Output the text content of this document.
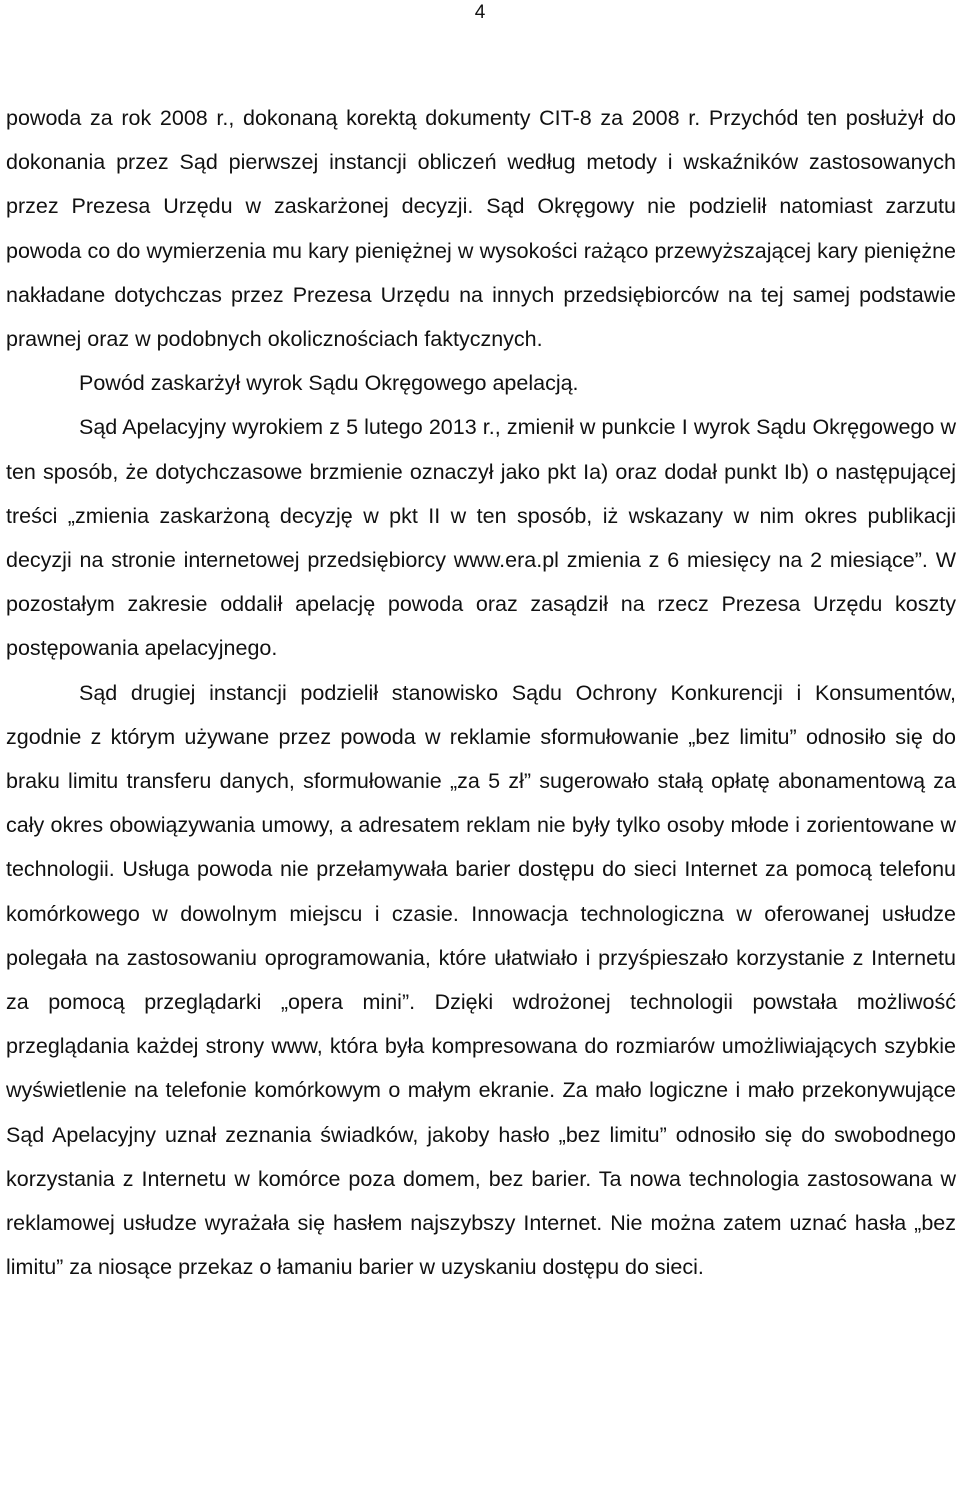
4

powoda za rok 2008 r., dokonaną korektą dokumenty CIT-8 za 2008 r. Przychód ten posłużył do dokonania przez Sąd pierwszej instancji obliczeń według metody i wskaźników zastosowanych przez Prezesa Urzędu w zaskarżonej decyzji. Sąd Okręgowy nie podzielił natomiast zarzutu powoda co do wymierzenia mu kary pieniężnej w wysokości rażąco przewyższającej kary pieniężne nakładane dotychczas przez Prezesa Urzędu na innych przedsiębiorców na tej samej podstawie prawnej oraz w podobnych okolicznościach faktycznych.

Powód zaskarżył wyrok Sądu Okręgowego apelacją.

Sąd Apelacyjny wyrokiem z 5 lutego 2013 r., zmienił w punkcie I wyrok Sądu Okręgowego w ten sposób, że dotychczasowe brzmienie oznaczył jako pkt Ia) oraz dodał punkt Ib) o następującej treści „zmienia zaskarżoną decyzję w pkt II w ten sposób, iż wskazany w nim okres publikacji decyzji na stronie internetowej przedsiębiorcy www.era.pl zmienia z 6 miesięcy na 2 miesiące”. W pozostałym zakresie oddalił apelację powoda oraz zasądził na rzecz Prezesa Urzędu koszty postępowania apelacyjnego.

Sąd drugiej instancji podzielił stanowisko Sądu Ochrony Konkurencji i Konsumentów, zgodnie z którym używane przez powoda w reklamie sformułowanie „bez limitu” odnosiło się do braku limitu transferu danych, sformułowanie „za 5 zł” sugerowało stałą opłatę abonamentową za cały okres obowiązywania umowy, a adresatem reklam nie były tylko osoby młode i zorientowane w technologii. Usługa powoda nie przełamywała barier dostępu do sieci Internet za pomocą telefonu komórkowego w dowolnym miejscu i czasie. Innowacja technologiczna w oferowanej usłudze polegała na zastosowaniu oprogramowania, które ułatwiało i przyśpieszało korzystanie z Internetu za pomocą przeglądarki „opera mini”. Dzięki wdrożonej technologii powstała możliwość przeglądania każdej strony www, która była kompresowana do rozmiarów umożliwiających szybkie wyświetlenie na telefonie komórkowym o małym ekranie. Za mało logiczne i mało przekonywujące Sąd Apelacyjny uznał zeznania świadków, jakoby hasło „bez limitu” odnosiło się do swobodnego korzystania z Internetu w komórce poza domem, bez barier. Ta nowa technologia zastosowana w reklamowej usłudze wyrażała się hasłem najszybszy Internet. Nie można zatem uznać hasła „bez limitu” za niosące przekaz o łamaniu barier w uzyskaniu dostępu do sieci.
